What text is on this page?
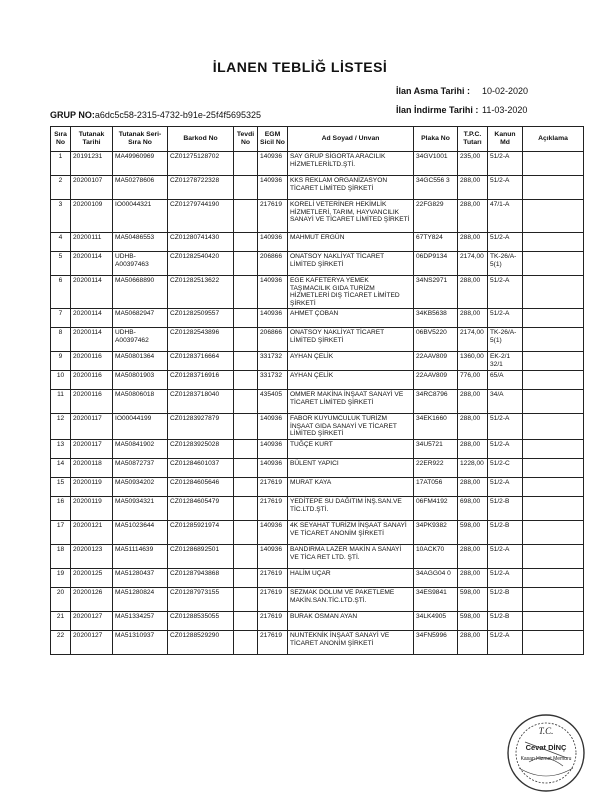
İLANEN TEBLİĞ LİSTESİ
İlan Asma Tarihi :	10-02-2020
İlan İndirme Tarihi : 11-03-2020
GRUP NO:a6dc5c58-2315-4732-b91e-25f4f5695325
Sıra No	Tutanak Tarihi	Tutanak Seri-Sıra No	Barkod No	Tevdi No	EGM Sicil No	Ad Soyad / Unvan	Plaka No	T.P.C. Tutarı	Kanun Md	Açıklama
1	20191231	MA49960969	CZ01275128702		140936	SAY GRUP SİGORTA ARACILIK HİZMETLERİLTD.ŞTİ.	34GV1001	235,00	51/2-A	
2	20200107	MA50278606	CZ01278722328		140936	KKS REKLAM ORGANİZASYON TİCARET LİMİTED ŞİRKETİ	34GC556 3	288,00	51/2-A	
3	20200109	IO00044321	CZ01279744190		217619	KORELİ VETERİNER HEKİMLİK HİZMETLERİ, TARIM, HAYVANCILIK SANAYİ VE TİCARET LİMİTED ŞİRKETİ	22FG829	288,00	47/1-A	
4	20200111	MA50486553	CZ01280741430		140936	MAHMUT ERGÜN	67TY824	288,00	51/2-A	
5	20200114	UDHB-A00397463	CZ01282540420		206866	ONATSOY NAKLİYAT TİCARET LİMİTED ŞİRKETİ	06DP9134	2174,00	TK-26/A-5(1)	
6	20200114	MA50668890	CZ01282513622		140936	EGE KAFETERYA YEMEK TAŞIMACILIK GIDA TURİZM HİZMETLERİ DIŞ TİCARET LİMİTED ŞİRKETİ	34NS2971	288,00	51/2-A	
7	20200114	MA50682947	CZ01282509557		140936	AHMET ÇOBAN	34KB5638	288,00	51/2-A	
8	20200114	UDHB-A00397462	CZ01282543896		206866	ONATSOY NAKLİYAT TİCARET LİMİTED ŞİRKETİ	06BV5220	2174,00	TK-26/A-5(1)	
9	20200116	MA50801364	CZ01283716664		331732	AYHAN ÇELİK	22AAV809	1360,00	EK-2/1 32/1	
10	20200116	MA50801903	CZ01283716916		331732	AYHAN ÇELİK	22AAV809	776,00	65/A	
11	20200116	MA50806018	CZ01283718040		435405	OMMER MAKİNA İNŞAAT SANAYİ VE TİCARET LİMİTED ŞİRKETİ	34RC8796	288,00	34/A	
12	20200117	IO00044199	CZ01283927879		140936	FABOR KUYUMCULUK TURİZM İNŞAAT GIDA SANAYİ VE TİCARET LİMİTED ŞİRKETİ	34EK1660	288,00	51/2-A	
13	20200117	MA50841902	CZ01283925028		140936	TUĞÇE KURT	34U5721	288,00	51/2-A	
14	20200118	MA50872737	CZ01284601037		140936	BÜLENT YAPICI	22ER922	1228,00	51/2-C	
15	20200119	MA50934202	CZ01284605646		217619	MURAT KAYA	17AT056	288,00	51/2-A	
16	20200119	MA50934321	CZ01284605479		217619	YEDİTEPE SU DAĞITIM İNŞ.SAN.VE TİC.LTD.ŞTİ.	06FM4192	698,00	51/2-B	
17	20200121	MA51023644	CZ01285921974		140936	4K SEYAHAT TURİZM İNŞAAT SANAYİ VE TİCARET ANONİM ŞİRKETİ	34PK9382	598,00	51/2-B	
18	20200123	MA51114639	CZ01286892501		140936	BANDIRMA LAZER MAKİN A SANAYİ VE TİCA RET LTD. ŞTİ.	10ACK70	288,00	51/2-A	
19	20200125	MA51280437	CZ01287943868		217619	HALİM UÇAR	34AGG04 0	288,00	51/2-A	
20	20200126	MA51280824	CZ01287973155		217619	SEZMAK DOLUM VE PAKETLEME MAKİN.SAN.TİC.LTD.ŞTİ.	34ES9841	598,00	51/2-B	
21	20200127	MA51334257	CZ01288535055		217619	BURAK OSMAN AYAN	34LK4905	598,00	51/2-B	
22	20200127	MA51310937	CZ01288529290		217619	NUNTEKNİK İNŞAAT SANAYİ VE TİCARET ANONİM ŞİRKETİ	34FN5996	288,00	51/2-A	
T.C.
Cevat DİNÇ
Kasap Hizmet Memuru
